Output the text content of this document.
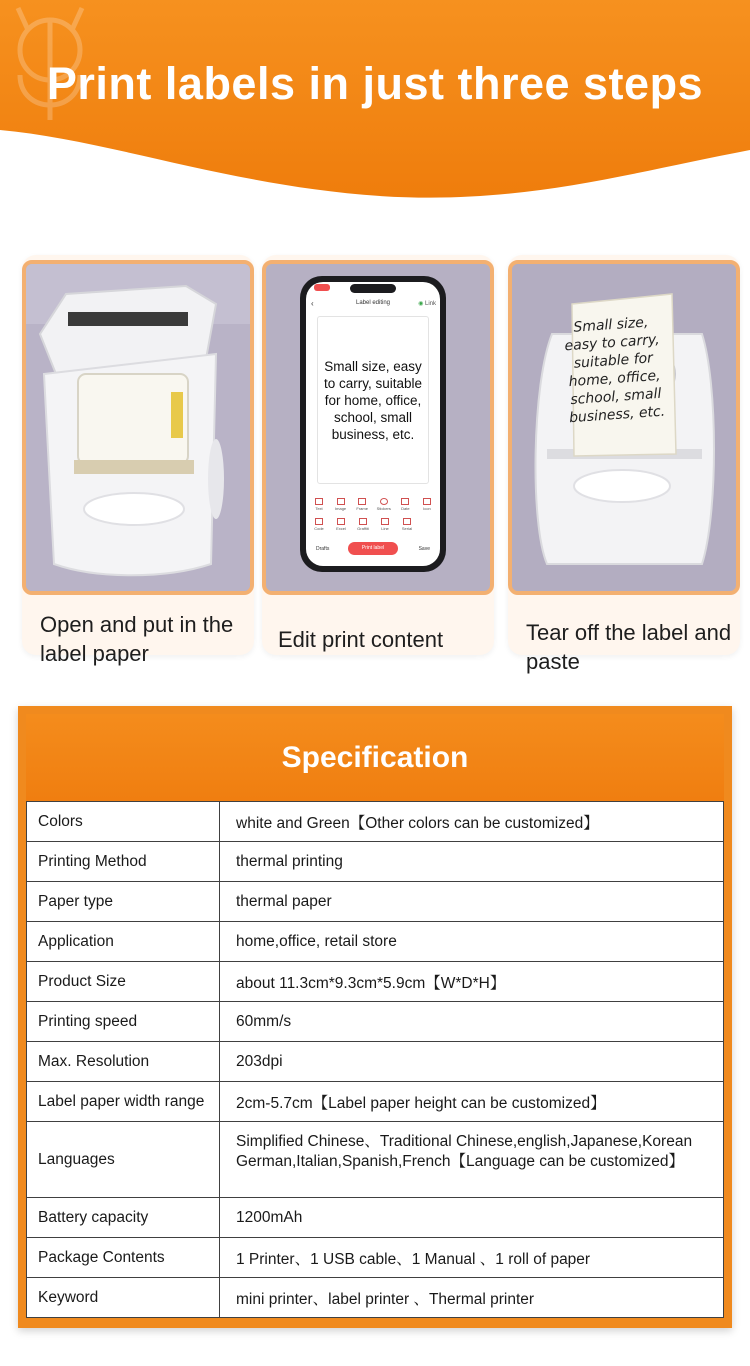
Print labels in just three steps
Open and put in the label paper
‹	Label editing	◉ Link
Small size, easy to carry, suitable for home, office, school, small business, etc.
Text	Image	Frame	Stickers	Date	Icon
Code	Excel	Graffiti	Line	Serial
Drafts	Print label	Save
Edit print content
Small size, easy to carry, suitable for home, office, school, small business, etc.
Tear off the label and paste
Specification
Colors	white and Green【Other colors can be customized】
Printing Method	thermal printing
Paper type	thermal paper
Application	home,office, retail store
Product Size	about 11.3cm*9.3cm*5.9cm【W*D*H】
Printing speed	60mm/s
Max. Resolution	203dpi
Label paper width range	2cm-5.7cm【Label paper height can be customized】
Languages	Simplified Chinese、Traditional Chinese,english,Japanese,Korean German,Italian,Spanish,French【Language can be customized】
Battery capacity	1200mAh
Package Contents	1 Printer、1 USB cable、1 Manual 、1 roll of paper
Keyword	mini printer、label printer 、Thermal printer
